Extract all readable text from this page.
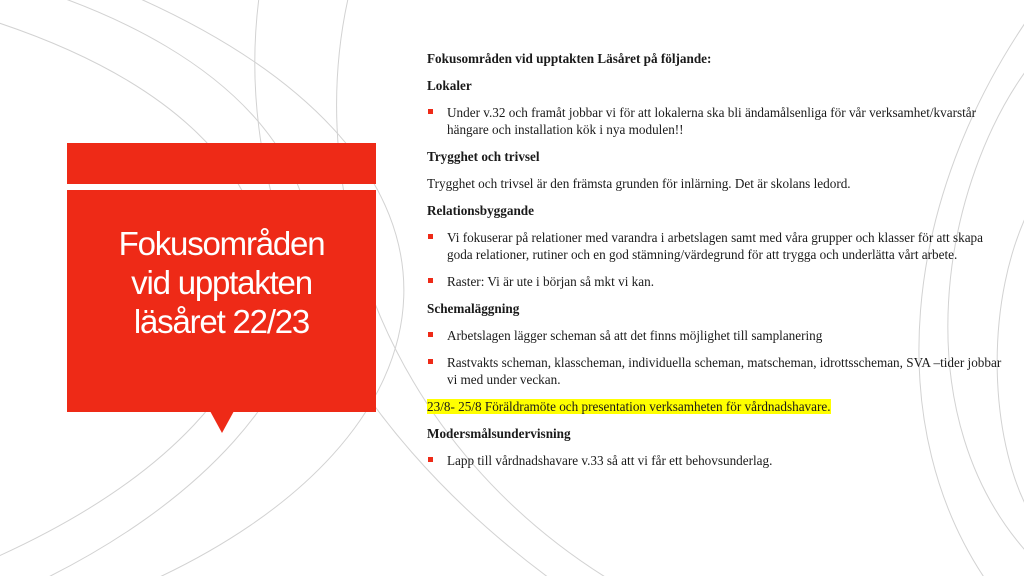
Fokusområden
vid upptakten
läsåret 22/23

Fokusområden vid upptakten Läsåret på följande:

Lokaler

Under v.32 och framåt jobbar vi för att lokalerna ska bli ändamålsenliga för vår verksamhet/kvarstår hängare och installation kök i nya modulen!!

Trygghet och trivsel

Trygghet och trivsel är den främsta grunden för inlärning. Det är skolans ledord.

Relationsbyggande

Vi fokuserar på relationer med varandra i arbetslagen samt med våra grupper och klasser för att skapa goda relationer, rutiner och en god stämning/värdegrund för att trygga och underlätta vårt arbete.
Raster: Vi är ute i början så mkt vi kan.

Schemaläggning

Arbetslagen lägger scheman så att det finns möjlighet till samplanering
Rastvakts scheman, klasscheman, individuella scheman, matscheman, idrottsscheman, SVA –tider jobbar vi med under veckan.

23/8- 25/8 Föräldramöte och presentation verksamheten för vårdnadshavare.

Modersmålsundervisning

Lapp till vårdnadshavare v.33 så att vi får ett behovsunderlag.
